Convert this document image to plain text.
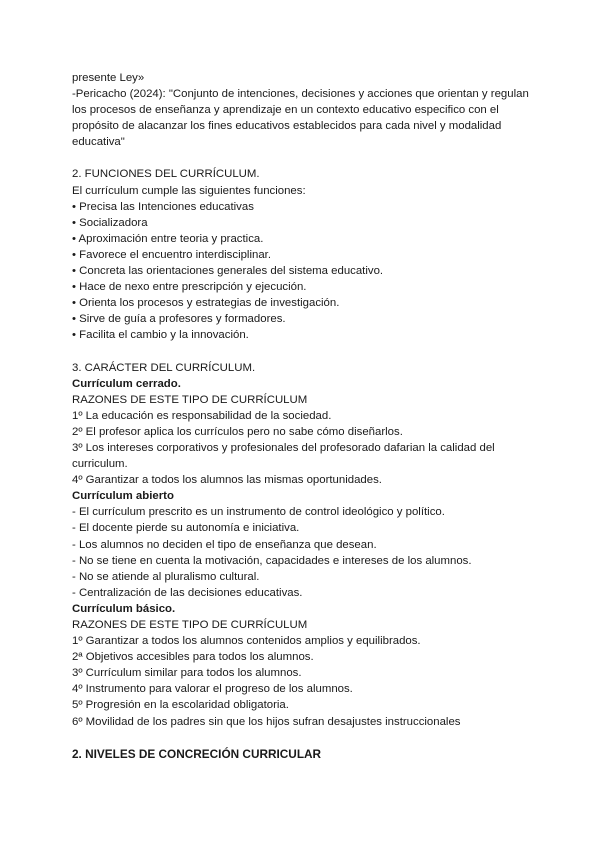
presente Ley»
-Pericacho (2024): "Conjunto de intenciones, decisiones y acciones que orientan y regulan los procesos de enseñanza y aprendizaje en un contexto educativo especifico con el propósito de alacanzar los fines educativos establecidos para cada nivel y modalidad educativa"
2. FUNCIONES DEL CURRÍCULUM.
El currículum cumple las siguientes funciones:
• Precisa las Intenciones educativas
• Socializadora
• Aproximación entre teoria y practica.
• Favorece el encuentro interdisciplinar.
• Concreta las orientaciones generales del sistema educativo.
• Hace de nexo entre prescripción y ejecución.
• Orienta los procesos y estrategias de investigación.
• Sirve de guía a profesores y formadores.
• Facilita el cambio y la innovación.
3. CARÁCTER DEL CURRÍCULUM.
Currículum cerrado.
RAZONES DE ESTE TIPO DE CURRÍCULUM
1º La educación es responsabilidad de la sociedad.
2º El profesor aplica los currículos pero no sabe cómo diseñarlos.
3º Los intereses corporativos y profesionales del profesorado dafarian la calidad del curriculum.
4º Garantizar a todos los alumnos las mismas oportunidades.
Currículum abierto
- El currículum prescrito es un instrumento de control ideológico y político.
- El docente pierde su autonomía e iniciativa.
- Los alumnos no deciden el tipo de enseñanza que desean.
- No se tiene en cuenta la motivación, capacidades e intereses de los alumnos.
- No se atiende al pluralismo cultural.
- Centralización de las decisiones educativas.
Currículum básico.
RAZONES DE ESTE TIPO DE CURRÍCULUM
1º Garantizar a todos los alumnos contenidos amplios y equilibrados.
2ª Objetivos accesibles para todos los alumnos.
3º Currículum similar para todos los alumnos.
4º Instrumento para valorar el progreso de los alumnos.
5º Progresión en la escolaridad obligatoria.
6º Movilidad de los padres sin que los hijos sufran desajustes instruccionales
2. NIVELES DE CONCRECIÓN CURRICULAR
